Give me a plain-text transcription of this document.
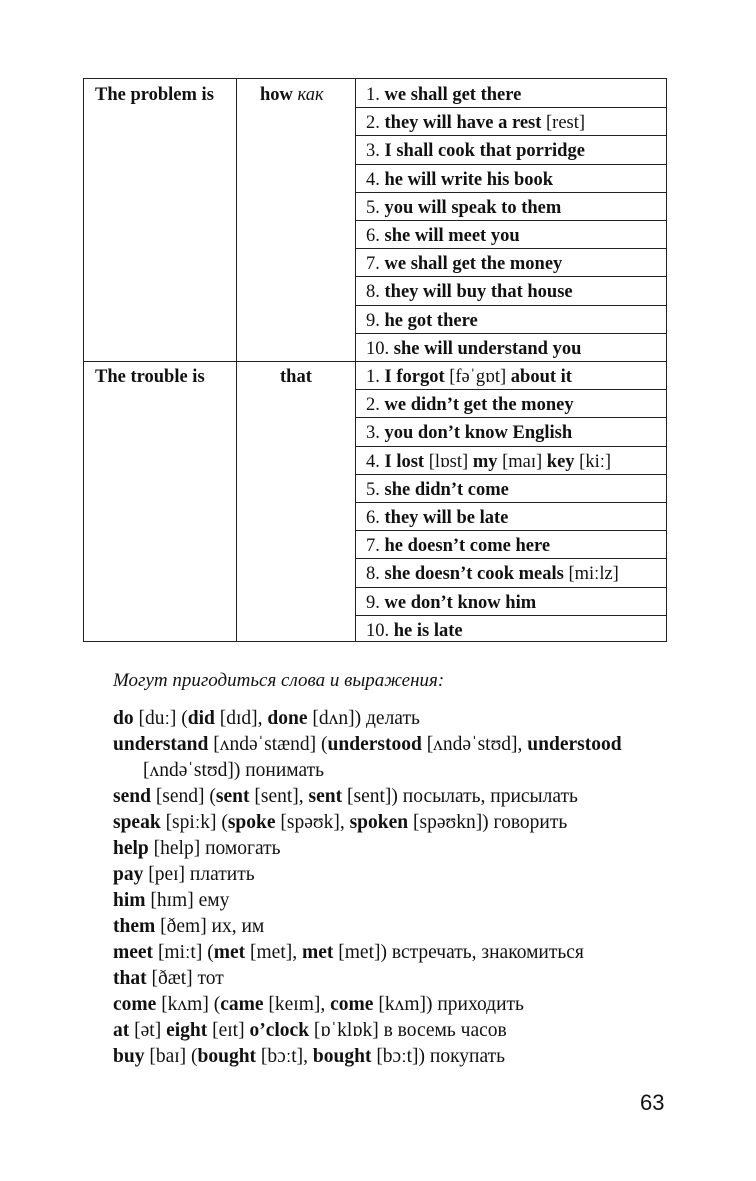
The problem is how как
The trouble is	that
1. we shall get there
2. they will have a rest [rest]
3. I shall cook that porridge
4. he will write his book
5. you will speak to them
6. she will meet you
7. we shall get the money
8. they will buy that house
9. he got there
10. she will understand you
1. I forgot [fəˈgɒt] about it
2. we didn’t get the money
3. you don’t know English
4. I lost [lɒst] my [maɪ] key [kiː]
5. she didn’t come
6. they will be late
7. he doesn’t come here
8. she doesn’t cook meals [miːlz]
9. we don’t know him
10. he is late
Могут пригодиться слова и выражения:
do [duː] (did [dɪd], done [dʌn]) делать
understand [ʌndəˈstænd] (understood [ʌndəˈstʊd], understood
[ʌndəˈstʊd]) понимать
send [send] (sent [sent], sent [sent]) посылать, присылать
speak [spiːk] (spoke [spəʊk], spoken [spəʊkn]) говорить
help [help] помогать
pay [peɪ] платить
him [hɪm] ему
them [ðem] их, им
meet [miːt] (met [met], met [met]) встречать, знакомиться
that [ðæt] тот
come [kʌm] (came [keɪm], come [kʌm]) приходить
at [ət] eight [eɪt] o’clock [ɒˈklɒk] в восемь часов
buy [baɪ] (bought [bɔːt], bought [bɔːt]) покупать
63
